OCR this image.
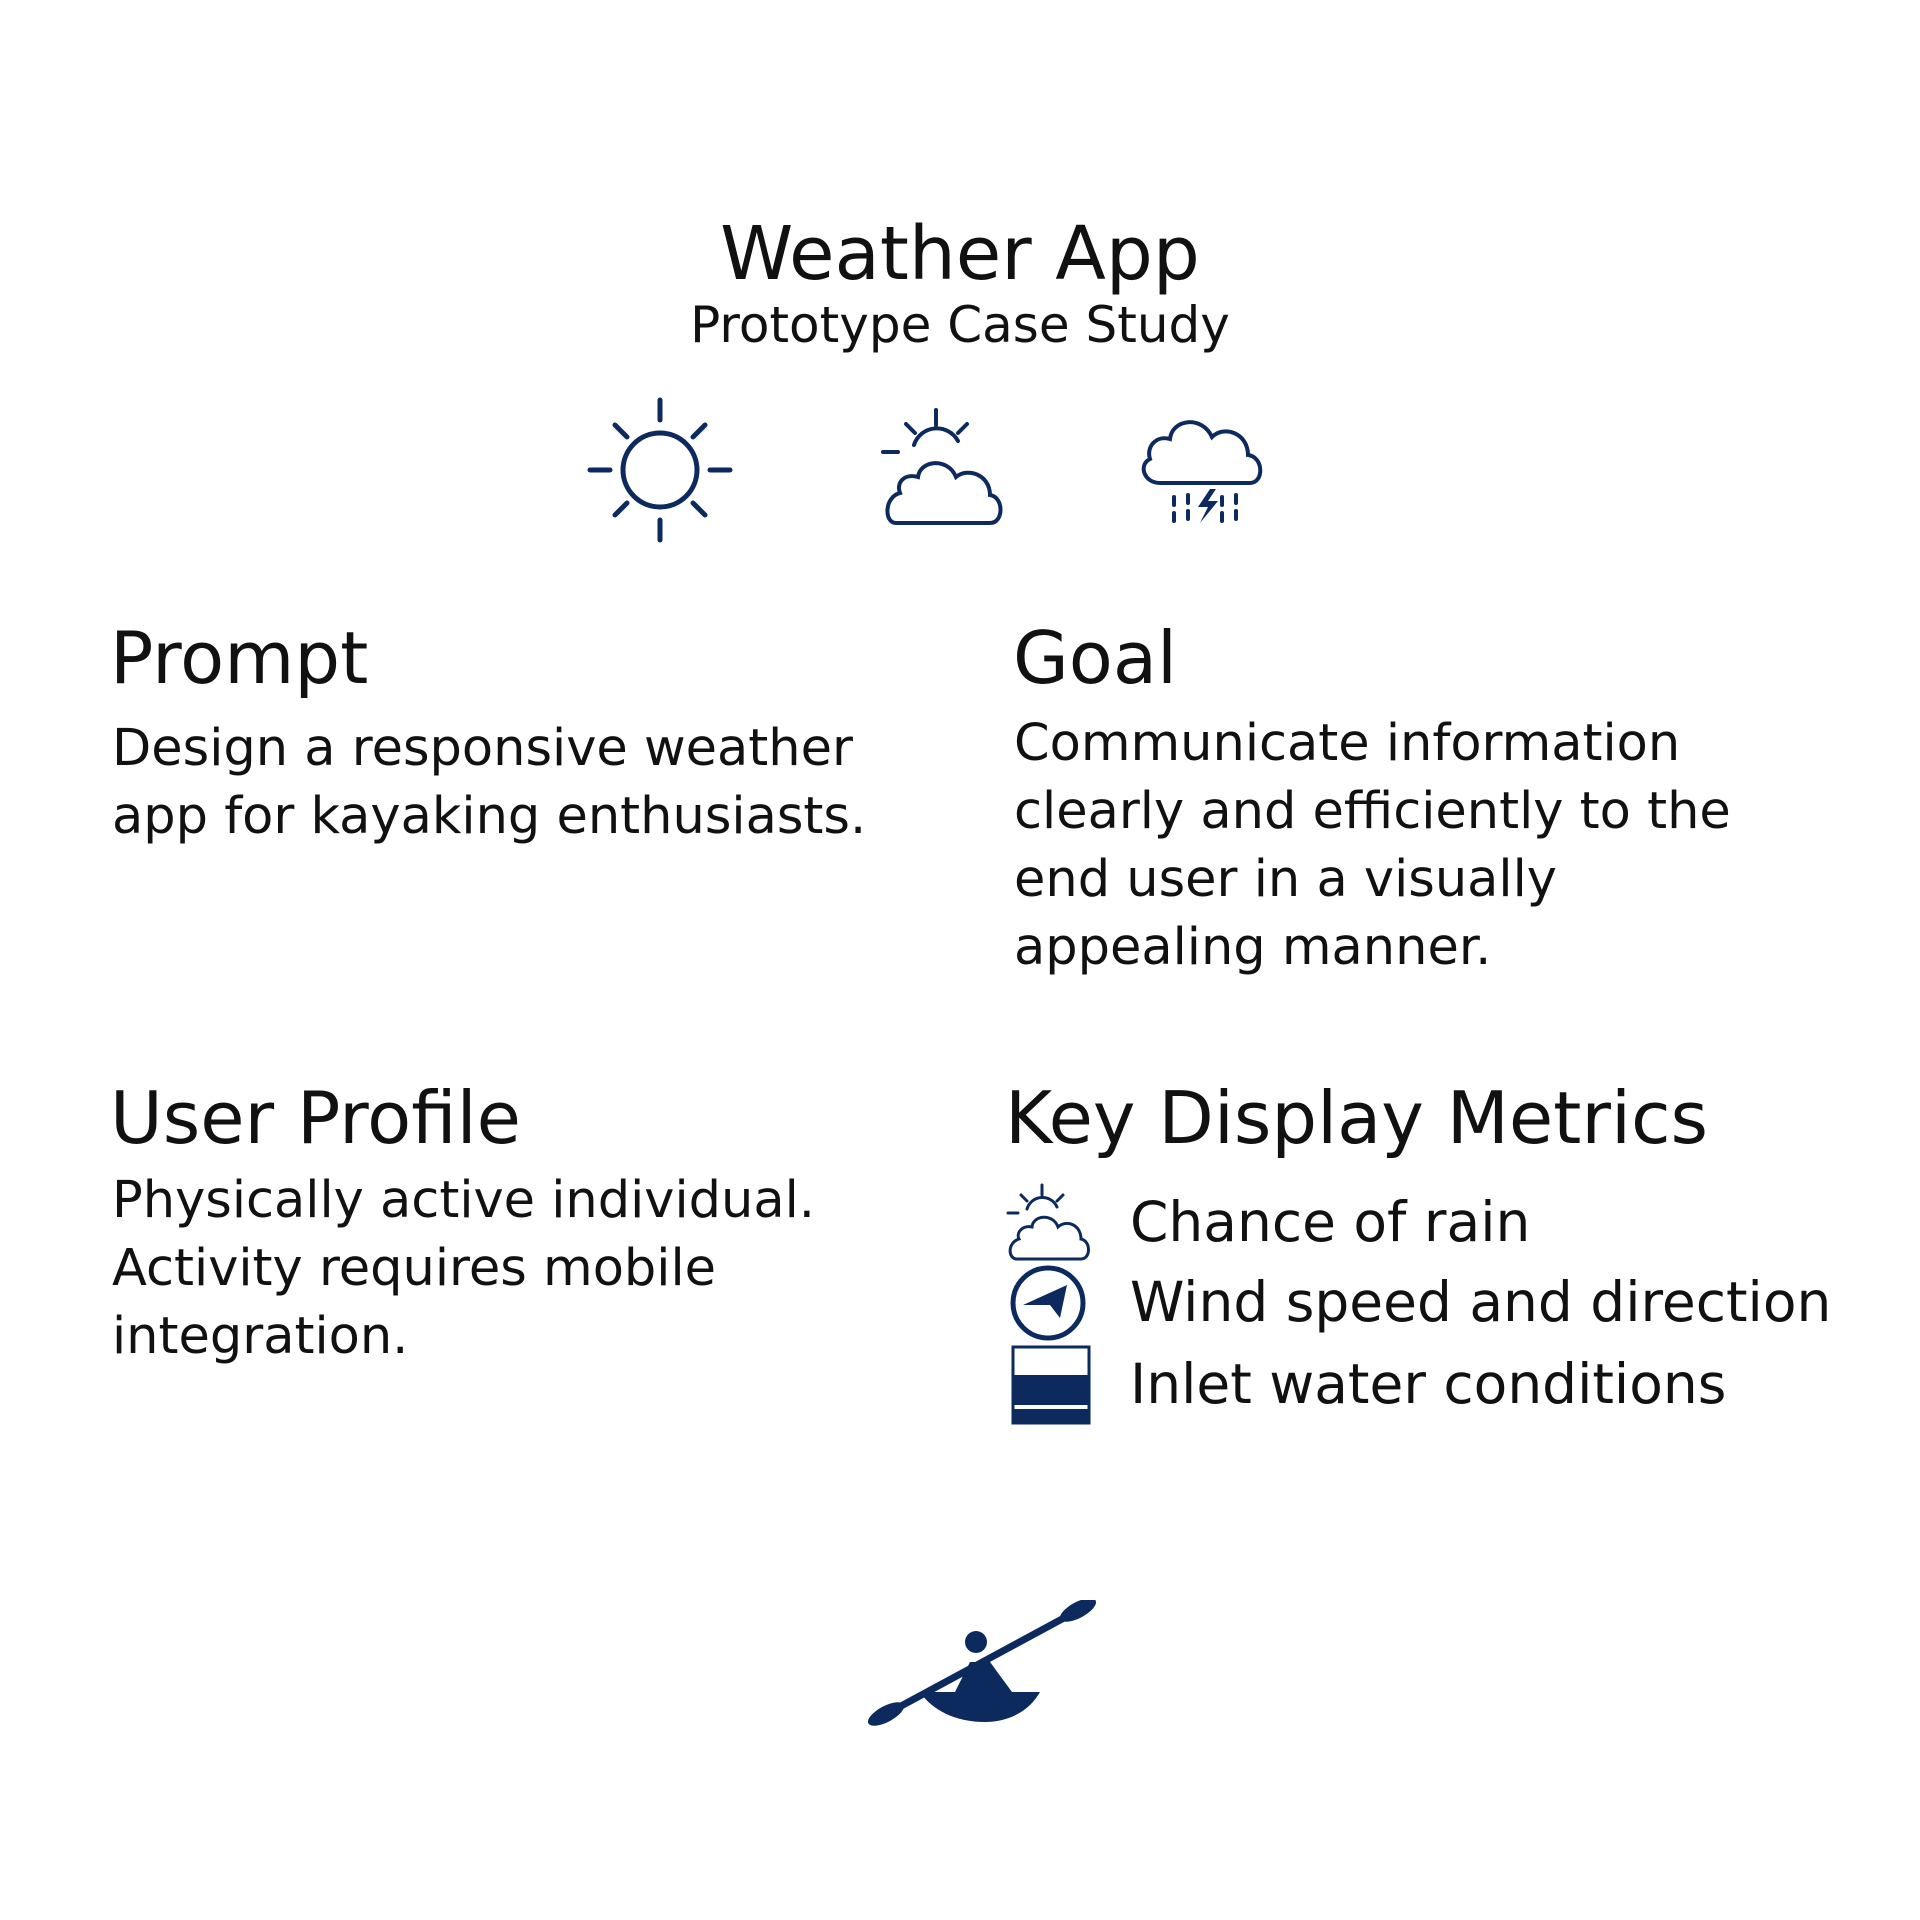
Weather App
Prototype Case Study
Prompt

Design a responsive weather

app for kayaking enthusiasts.

Goal

Communicate information

clearly and efficiently to the

end user in a visually

appealing manner.

User Profile

Physically active individual.

Activity requires mobile

integration.

Key Display Metrics
Chance of rain
Wind speed and direction
Inlet water conditions
